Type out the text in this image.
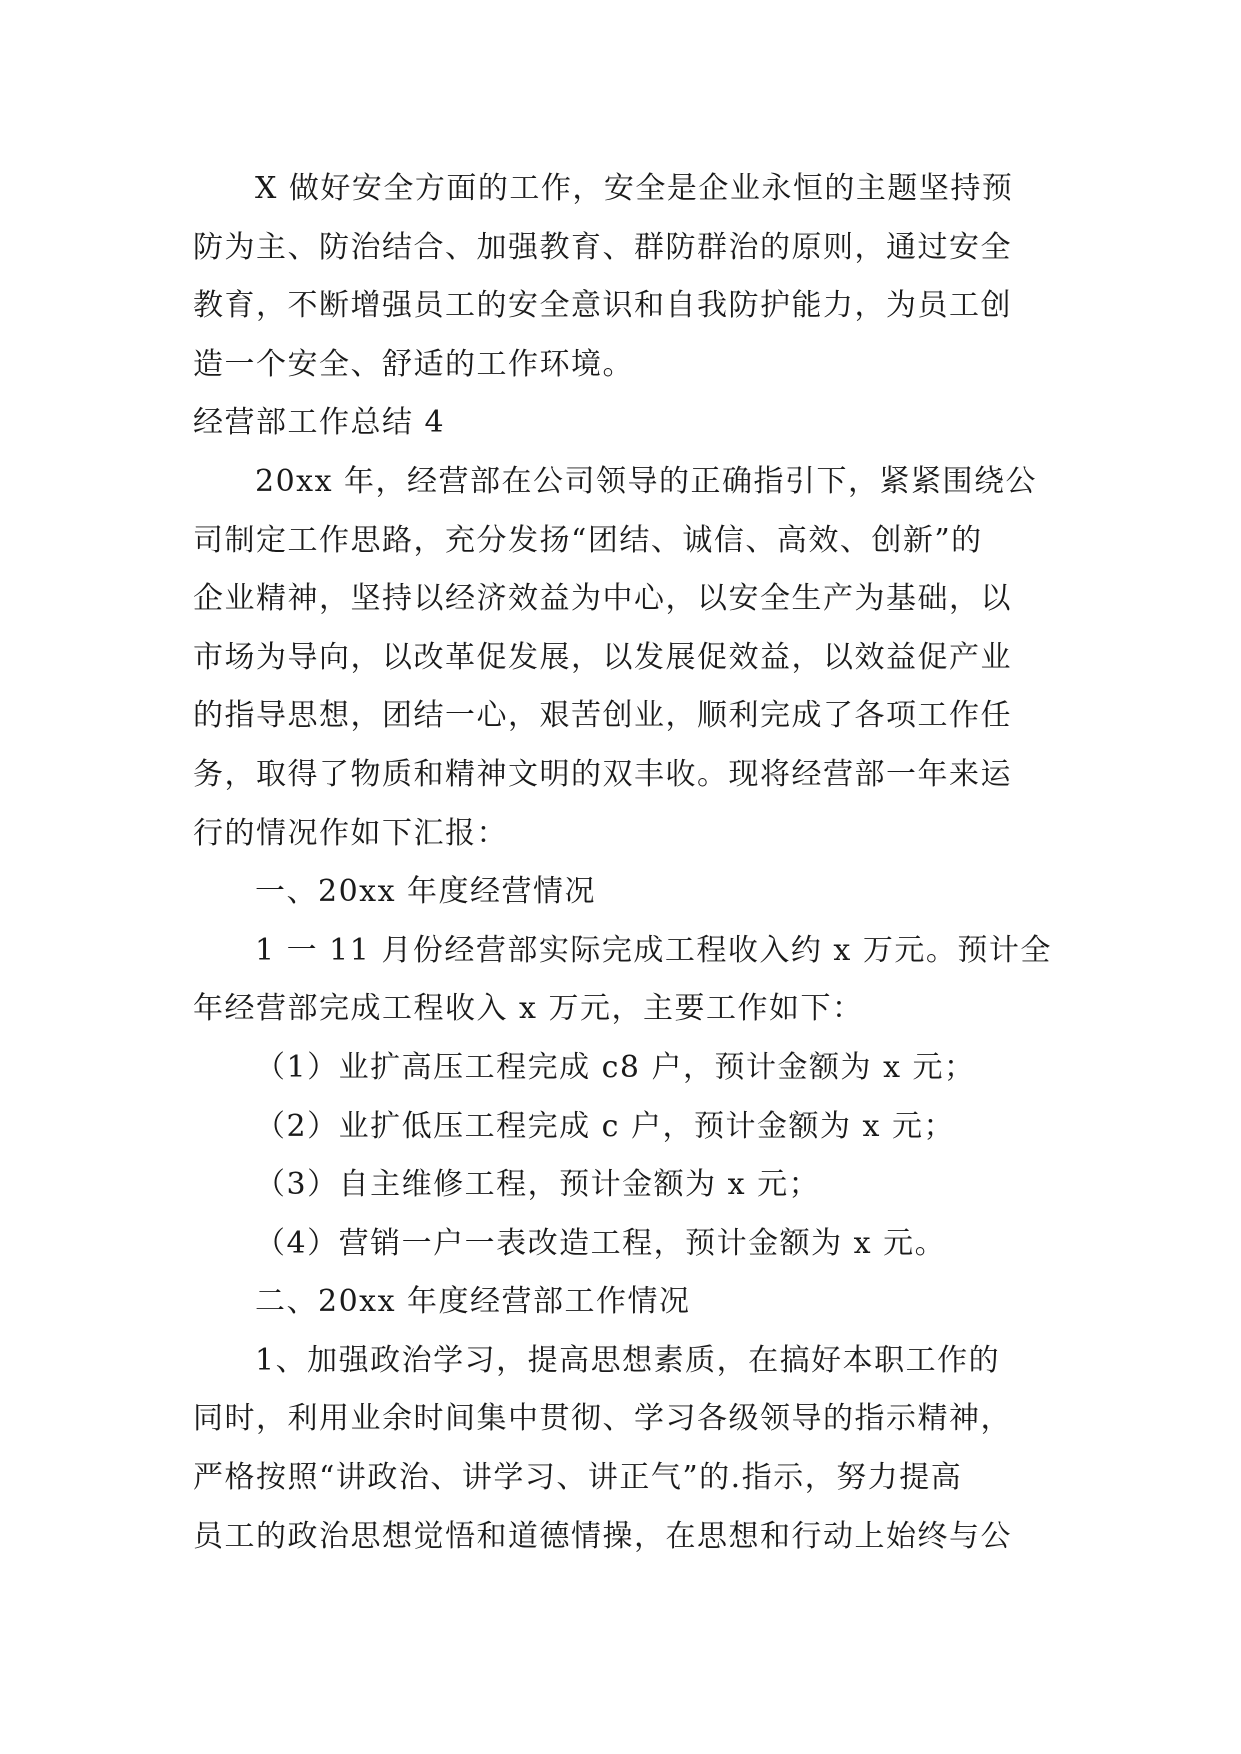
X 做好安全方面的工作，安全是企业永恒的主题坚持预
防为主、防治结合、加强教育、群防群治的原则，通过安全
教育，不断增强员工的安全意识和自我防护能力，为员工创
造一个安全、舒适的工作环境。
经营部工作总结 4
20xx 年，经营部在公司领导的正确指引下，紧紧围绕公
司制定工作思路，充分发扬“团结、诚信、高效、创新”的
企业精神，坚持以经济效益为中心，以安全生产为基础，以
市场为导向，以改革促发展，以发展促效益，以效益促产业
的指导思想，团结一心，艰苦创业，顺利完成了各项工作任
务，取得了物质和精神文明的双丰收。现将经营部一年来运
行的情况作如下汇报：
一、20xx 年度经营情况
1 一 11 月份经营部实际完成工程收入约 x 万元。预计全
年经营部完成工程收入 x 万元，主要工作如下：
（1）业扩高压工程完成 c8 户，预计金额为 x 元；
（2）业扩低压工程完成 c 户，预计金额为 x 元；
（3）自主维修工程，预计金额为 x 元；
（4）营销一户一表改造工程，预计金额为 x 元。
二、20xx 年度经营部工作情况
1、加强政治学习，提高思想素质，在搞好本职工作的
同时，利用业余时间集中贯彻、学习各级领导的指示精神，
严格按照“讲政治、讲学习、讲正气”的.指示，努力提高
员工的政治思想觉悟和道德情操，在思想和行动上始终与公
